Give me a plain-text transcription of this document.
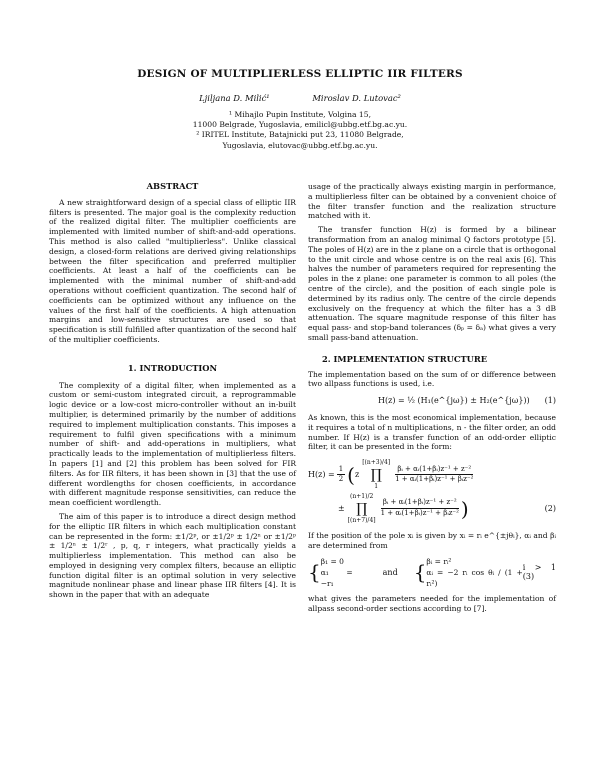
DESIGN OF MULTIPLIERLESS ELLIPTIC IIR FILTERS
Ljiljana D. Milić¹	Miroslav D. Lutovac²
¹ Mihajlo Pupin Institute, Volgina 15,
11000 Belgrade, Yugoslavia, emilicl@ubbg.etf.bg.ac.yu.
² IRITEL Institute, Batajnicki put 23, 11080 Belgrade,
Yugoslavia, elutovac@ubbg.etf.bg.ac.yu.

ABSTRACT

A new straightforward design of a special class of elliptic IIR filters is presented. The major goal is the complexity reduction of the realized digital filter. The multiplier coefficients are implemented with limited number of shift-and-add operations. This method is also called "multiplierless". Unlike classical design, a closed-form relations are derived giving relationships between the filter specification and preferred multiplier coefficients. At least a half of the coefficients can be implemented with the minimal number of shift-and-add operations without coefficient quantization. The second half of coefficients can be optimized without any influence on the values of the first half of the coefficients. A high attenuation margins and low-sensitive structures are used so that specification is still fulfilled after quantization of the second half of the multiplier coefficients.

1. INTRODUCTION

The complexity of a digital filter, when implemented as a custom or semi-custom integrated circuit, a reprogrammable logic device or a low-cost micro-controller without an in-built multiplier, is determined primarily by the number of additions required to implement multiplication constants. This imposes a requirement to fulfil given specifications with a minimum number of shift- and add-operations in multipliers, what practically leads to the implementation of multiplierless filters. In papers [1] and [2] this problem has been solved for FIR filters. As for IIR filters, it has been shown in [3] that the use of different wordlengths for chosen coefficients, in accordance with different magnitude response sensitivities, can reduce the mean coefficient wordlength.

The aim of this paper is to introduce a direct design method for the elliptic IIR filters in which each multiplication constant can be represented in the form: ±1/2ᵖ, or ±1/2ᵖ ± 1/2ⁿ or ±1/2ᵖ ± 1/2ⁿ ± 1/2ʳ , p, q, r integers, what practically yields a multiplierless implementation. This method can also be employed in designing very complex filters, because an elliptic function digital filter is an optimal solution in very selective magnitude nonlinear phase and linear phase IIR filters [4]. It is shown in the paper that with an adequate

usage of the practically always existing margin in performance, a multiplierless filter can be obtained by a convenient choice of the filter transfer function and the realization structure matched with it.

The transfer function H(z) is formed by a bilinear transformation from an analog minimal Q factors prototype [5]. The poles of H(z) are in the z plane on a circle that is orthogonal to the unit circle and whose centre is on the real axis [6]. This halves the number of parameters required for representing the poles in the z plane: one parameter is common to all poles (the centre of the circle), and the position of each single pole is determined by its radius only. The centre of the circle depends exclusively on the frequency at which the filter has a 3 dB attenuation. The square magnitude response of this filter has equal pass- and stop-band tolerances (δₚ = δₐ) what gives a very small pass-band attenuation.

2. IMPLEMENTATION STRUCTURE

The implementation based on the sum of or difference between two allpass functions is used, i.e.

H(z) = ½ (H₁(e^{jω}) ± H₂(e^{jω})) (1)

As known, this is the most economical implementation, because it requires a total of n multiplications, n - the filter order, an odd number. If H(z) is a transfer function of an odd-order elliptic filter, it can be presented in the form:

$H(z) = \frac{1}{2}$ ( z
[(n+3)/4]
∏
1
$\frac{\text{βᵢ + αᵢ(1+βᵢ)z⁻¹ + z⁻²}}{\text{1 + αᵢ(1+βᵢ)z⁻¹ + βᵢz⁻²}}$
±
(n+1)/2
∏
[(n+7)/4]
$\frac{\text{βᵢ + αᵢ(1+βᵢ)z⁻¹ + z⁻²}}{\text{1 + αᵢ(1+βᵢ)z⁻¹ + βᵢz⁻²}}$ )	(2)

If the position of the pole xᵢ is given by xᵢ = rᵢ e^{±jθᵢ}, αᵢ and βᵢ are determined from

{ β₁ = 0
α₁ = −r₁
and { βᵢ = rᵢ²
αᵢ = −2 rᵢ cos θᵢ / (1 + rᵢ²)
i > 1 (3)

what gives the parameters needed for the implementation of allpass second-order sections according to [7].
